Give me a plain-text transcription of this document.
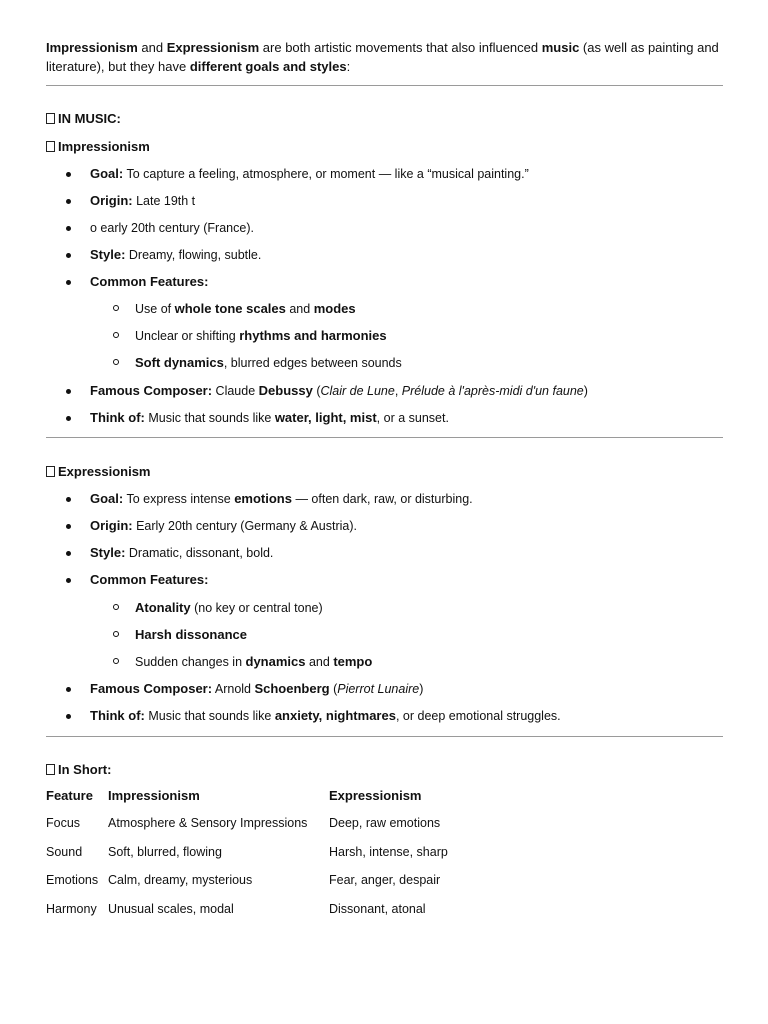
Impressionism and Expressionism are both artistic movements that also influenced music (as well as painting and literature), but they have different goals and styles:
IN MUSIC:
Impressionism
Goal: To capture a feeling, atmosphere, or moment — like a “musical painting.”
Origin: Late 19th t
o early 20th century (France).
Style: Dreamy, flowing, subtle.
Common Features:
Use of whole tone scales and modes
Unclear or shifting rhythms and harmonies
Soft dynamics, blurred edges between sounds
Famous Composer: Claude Debussy (Clair de Lune, Prélude à l'après-midi d'un faune)
Think of: Music that sounds like water, light, mist, or a sunset.
Expressionism
Goal: To express intense emotions — often dark, raw, or disturbing.
Origin: Early 20th century (Germany & Austria).
Style: Dramatic, dissonant, bold.
Common Features:
Atonality (no key or central tone)
Harsh dissonance
Sudden changes in dynamics and tempo
Famous Composer: Arnold Schoenberg (Pierrot Lunaire)
Think of: Music that sounds like anxiety, nightmares, or deep emotional struggles.
In Short:
Feature	Impressionism	Expressionism
Focus	Atmosphere & Sensory Impressions	Deep, raw emotions
Sound	Soft, blurred, flowing	Harsh, intense, sharp
Emotions	Calm, dreamy, mysterious	Fear, anger, despair
Harmony	Unusual scales, modal	Dissonant, atonal
